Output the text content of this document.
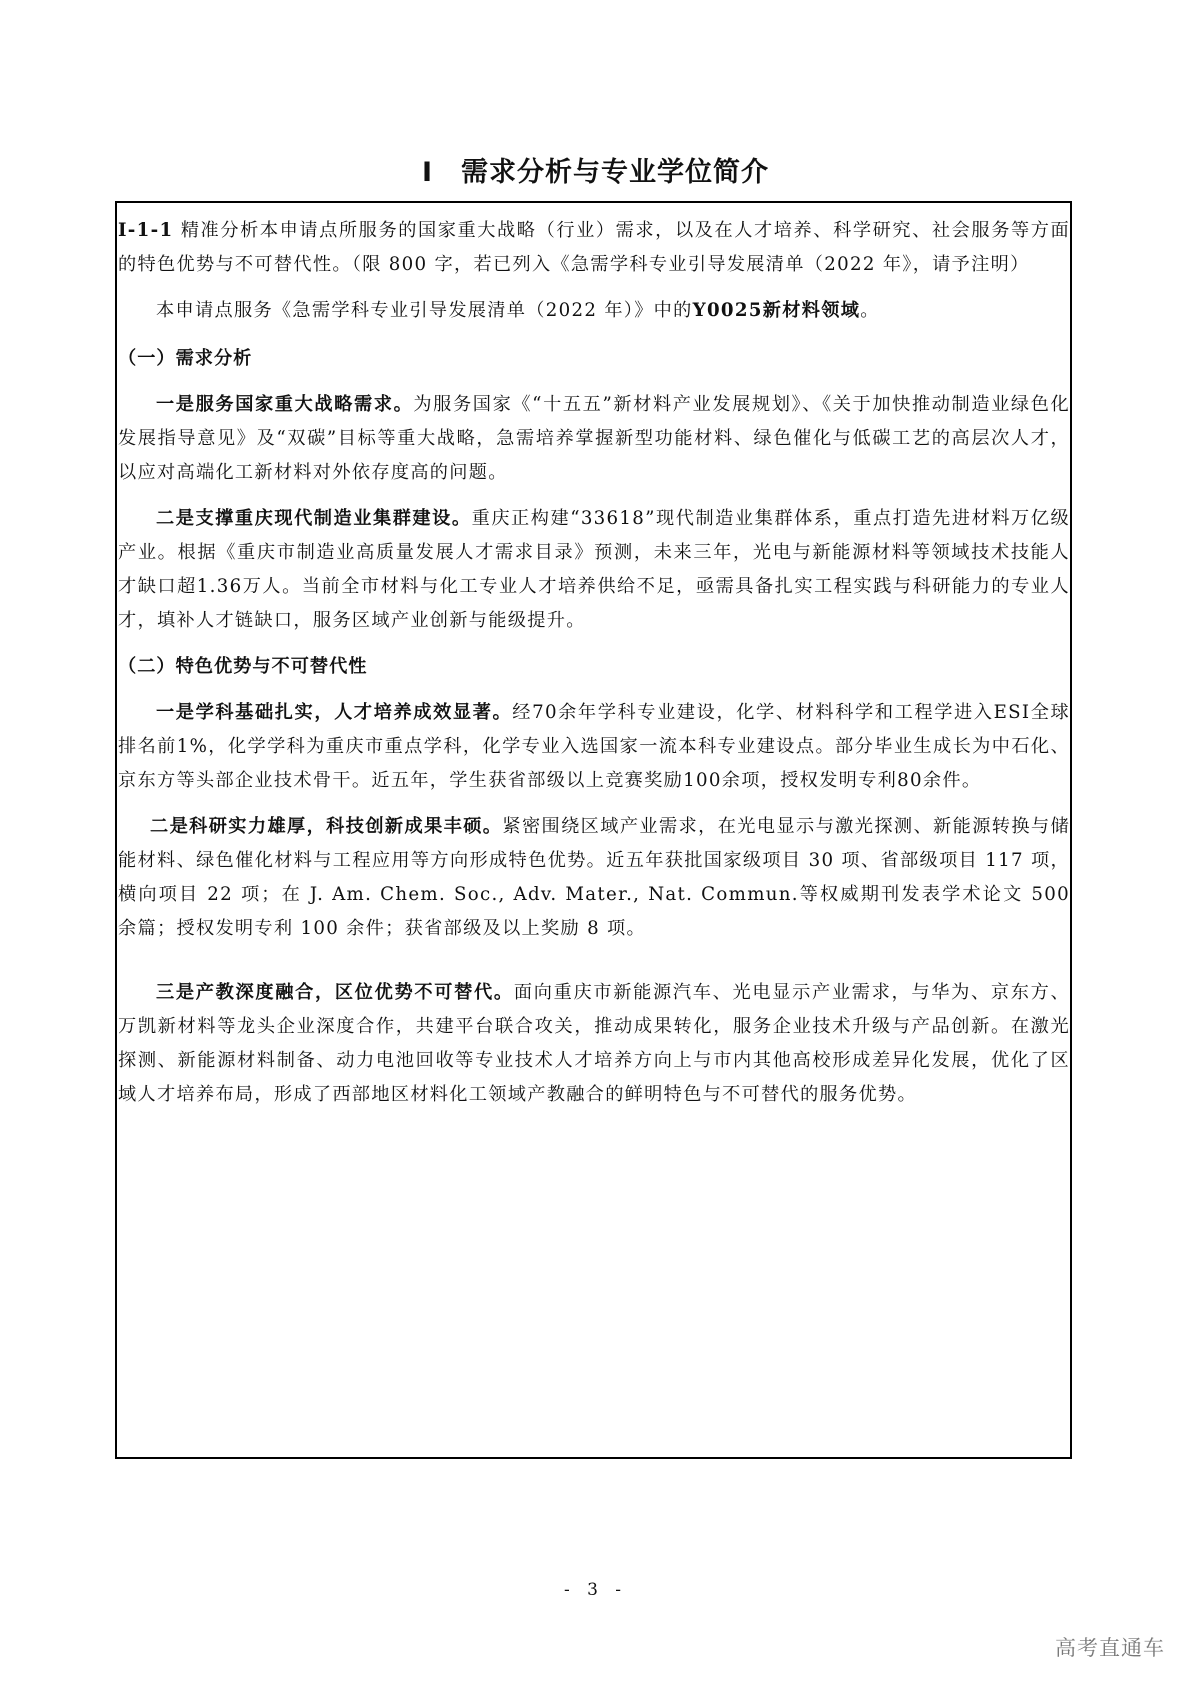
Ⅰ　需求分析与专业学位简介

I-1-1 精准分析本申请点所服务的国家重大战略（行业）需求，以及在人才培养、科学研究、社会服务等方面的特色优势与不可替代性。（限 800 字，若已列入《急需学科专业引导发展清单（2022 年》，请予注明）

本申请点服务《急需学科专业引导发展清单（2022 年）》中的Y0025新材料领域。

（一）需求分析

一是服务国家重大战略需求。为服务国家《“十五五”新材料产业发展规划》、《关于加快推动制造业绿色化发展指导意见》及“双碳”目标等重大战略，急需培养掌握新型功能材料、绿色催化与低碳工艺的高层次人才，以应对高端化工新材料对外依存度高的问题。

二是支撑重庆现代制造业集群建设。重庆正构建“33618”现代制造业集群体系，重点打造先进材料万亿级产业。根据《重庆市制造业高质量发展人才需求目录》预测，未来三年，光电与新能源材料等领域技术技能人才缺口超1.36万人。当前全市材料与化工专业人才培养供给不足，亟需具备扎实工程实践与科研能力的专业人才，填补人才链缺口，服务区域产业创新与能级提升。

（二）特色优势与不可替代性

一是学科基础扎实，人才培养成效显著。经70余年学科专业建设，化学、材料科学和工程学进入ESI全球排名前1%，化学学科为重庆市重点学科，化学专业入选国家一流本科专业建设点。部分毕业生成长为中石化、京东方等头部企业技术骨干。近五年，学生获省部级以上竞赛奖励100余项，授权发明专利80余件。

二是科研实力雄厚，科技创新成果丰硕。紧密围绕区域产业需求，在光电显示与激光探测、新能源转换与储能材料、绿色催化材料与工程应用等方向形成特色优势。近五年获批国家级项目 30 项、省部级项目 117 项，横向项目 22 项；在 J. Am. Chem. Soc., Adv. Mater., Nat. Commun.等权威期刊发表学术论文 500 余篇；授权发明专利 100 余件；获省部级及以上奖励 8 项。

三是产教深度融合，区位优势不可替代。面向重庆市新能源汽车、光电显示产业需求，与华为、京东方、万凯新材料等龙头企业深度合作，共建平台联合攻关，推动成果转化，服务企业技术升级与产品创新。在激光探测、新能源材料制备、动力电池回收等专业技术人才培养方向上与市内其他高校形成差异化发展，优化了区域人才培养布局，形成了西部地区材料化工领域产教融合的鲜明特色与不可替代的服务优势。

- 3 -
高考直通车
